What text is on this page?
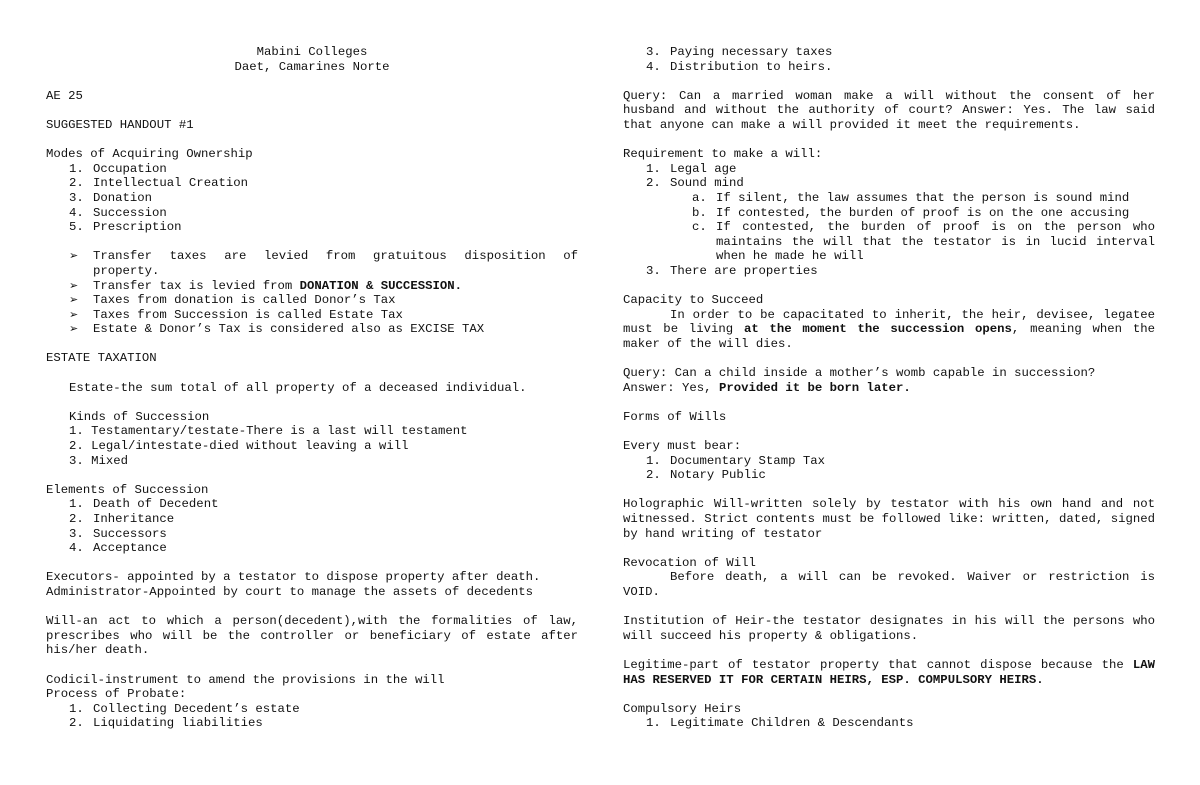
Mabini Colleges

Daet, Camarines Norte

AE 25

SUGGESTED HANDOUT #1

Modes of Acquiring Ownership

1. Occupation
2. Intellectual Creation
3. Donation
4. Succession
5. Prescription
➢ Transfer taxes are levied from gratuitous disposition of property.
➢ Transfer tax is levied from DONATION & SUCCESSION.
➢ Taxes from donation is called Donor’s Tax
➢ Taxes from Succession is called Estate Tax
➢ Estate & Donor’s Tax is considered also as EXCISE TAX

ESTATE TAXATION

Estate-the sum total of all property of a deceased individual.

Kinds of Succession

1. Testamentary/testate-There is a last will testament
2. Legal/intestate-died without leaving a will
3. Mixed

Elements of Succession

1. Death of Decedent
2. Inheritance
3. Successors
4. Acceptance

Executors- appointed by a testator to dispose property after death.

Administrator-Appointed by court to manage the assets of decedents

Will-an act to which a person(decedent),with the formalities of law, prescribes who will be the controller or beneficiary of estate after his/her death.

Codicil-instrument to amend the provisions in the will

Process of Probate:

1. Collecting Decedent’s estate
2. Liquidating liabilities
3. Paying necessary taxes
4. Distribution to heirs.

Query: Can a married woman make a will without the consent of her husband and without the authority of court? Answer: Yes. The law said that anyone can make a will provided it meet the requirements.

Requirement to make a will:

1. Legal age
2. Sound mind
a. If silent, the law assumes that the person is sound mind
b. If contested, the burden of proof is on the one accusing
c. If contested, the burden of proof is on the person who maintains the will that the testator is in lucid interval when he made he will
3. There are properties

Capacity to Succeed

In order to be capacitated to inherit, the heir, devisee, legatee must be living at the moment the succession opens, meaning when the maker of the will dies.

Query: Can a child inside a mother’s womb capable in succession?

Answer: Yes, Provided it be born later.

Forms of Wills

Every must bear:

1. Documentary Stamp Tax
2. Notary Public

Holographic Will-written solely by testator with his own hand and not witnessed. Strict contents must be followed like: written, dated, signed by hand writing of testator

Revocation of Will

Before death, a will can be revoked. Waiver or restriction is VOID.

Institution of Heir-the testator designates in his will the persons who will succeed his property & obligations.

Legitime-part of testator property that cannot dispose because the LAW HAS RESERVED IT FOR CERTAIN HEIRS, ESP. COMPULSORY HEIRS.

Compulsory Heirs

1. Legitimate Children & Descendants
